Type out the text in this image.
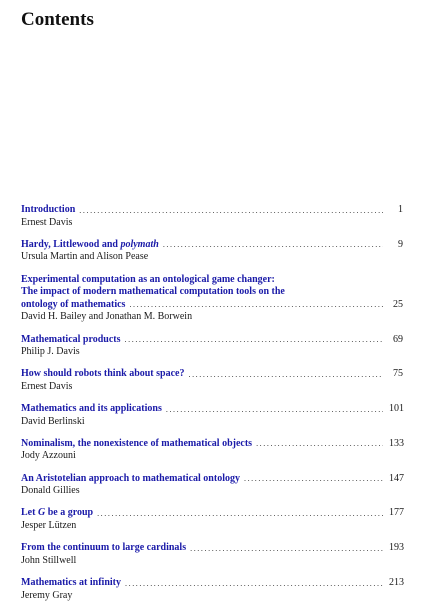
Contents
Introduction .....	1
Ernest Davis
Hardy, Littlewood and polymath .....	9
Ursula Martin and Alison Pease
Experimental computation as an ontological game changer:
The impact of modern mathematical computation tools on the
ontology of mathematics .....	25
David H. Bailey and Jonathan M. Borwein
Mathematical products .....	69
Philip J. Davis
How should robots think about space? .....	75
Ernest Davis
Mathematics and its applications .....	101
David Berlinski
Nominalism, the nonexistence of mathematical objects .....	133
Jody Azzouni
An Aristotelian approach to mathematical ontology .....	147
Donald Gillies
Let G be a group .....	177
Jesper Lützen
From the continuum to large cardinals .....	193
John Stillwell
Mathematics at infinity .....	213
Jeremy Gray
